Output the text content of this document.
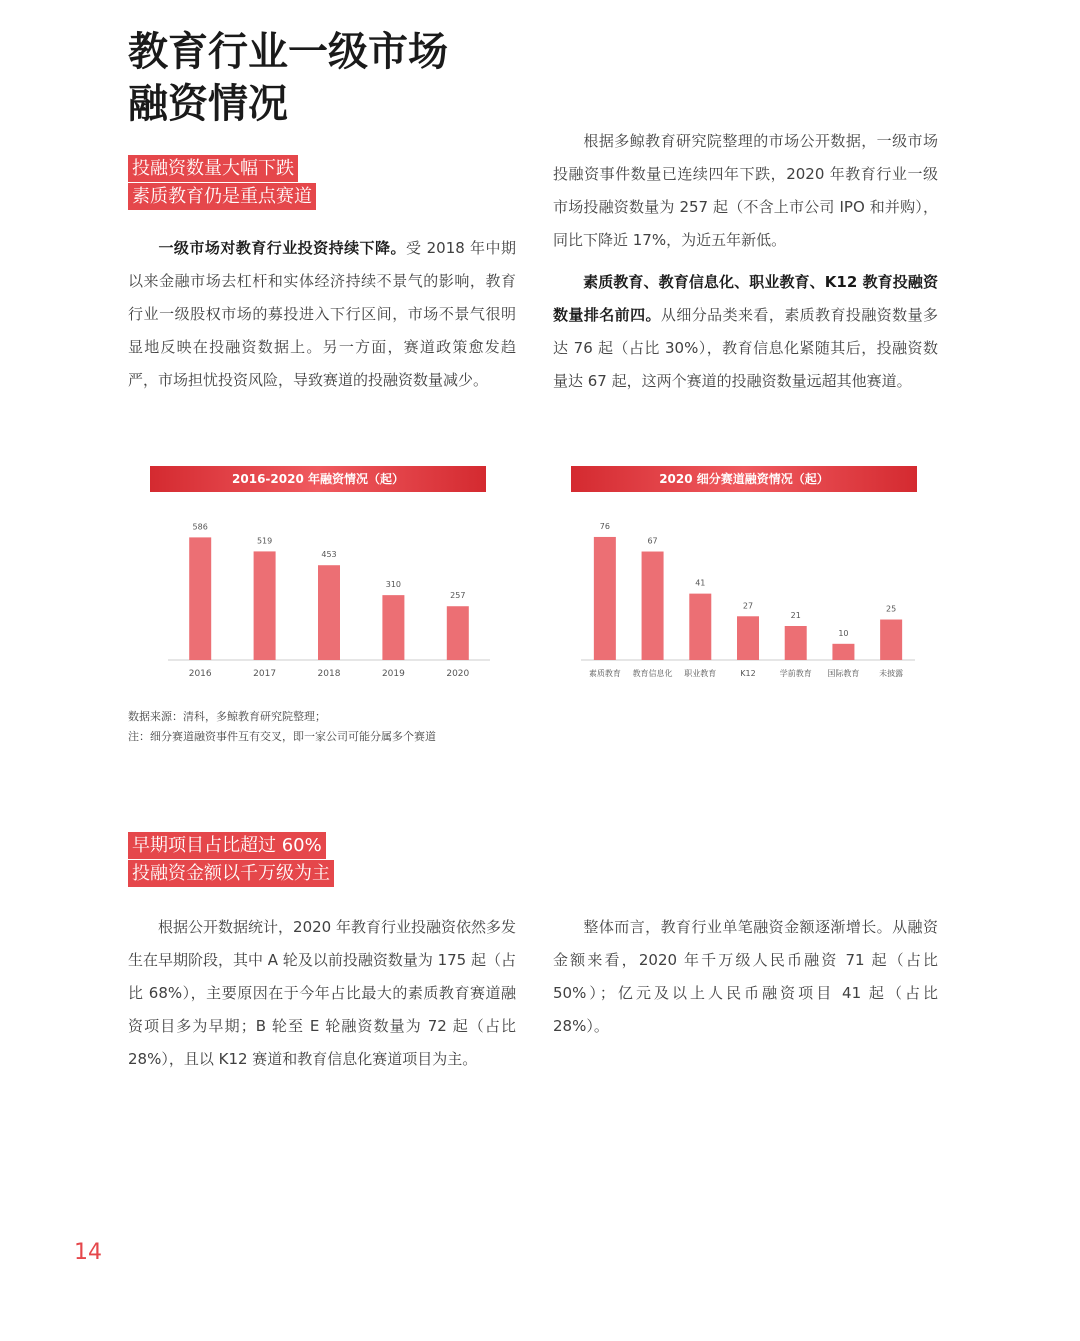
教育行业一级市场
融资情况
投融资数量大幅下跌
素质教育仍是重点赛道

一级市场对教育行业投资持续下降。受 2018 年中期以来金融市场去杠杆和实体经济持续不景气的影响，教育行业一级股权市场的募投进入下行区间，市场不景气很明显地反映在投融资数据上。另一方面，赛道政策愈发趋严，市场担忧投资风险，导致赛道的投融资数量减少。

根据多鲸教育研究院整理的市场公开数据，一级市场投融资事件数量已连续四年下跌，2020 年教育行业一级市场投融资数量为 257 起（不含上市公司 IPO 和并购），同比下降近 17%，为近五年新低。

素质教育、教育信息化、职业教育、K12 教育投融资数量排名前四。从细分品类来看，素质教育投融资数量多达 76 起（占比 30%），教育信息化紧随其后，投融资数量达 67 起，这两个赛道的投融资数量远超其他赛道。

2016-2020 年融资情况（起）
586
2016
519
2017
453
2018
310
2019
257
2020
2020 细分赛道融资情况（起）
76
素质教育
67
教育信息化
41
职业教育
27
K12
21
学前教育
10
国际教育
25
未披露
数据来源：清科，多鲸教育研究院整理；
注：细分赛道融资事件互有交叉，即一家公司可能分属多个赛道
早期项目占比超过 60%
投融资金额以千万级为主

根据公开数据统计，2020 年教育行业投融资依然多发生在早期阶段，其中 A 轮及以前投融资数量为 175 起（占比 68%），主要原因在于今年占比最大的素质教育赛道融资项目多为早期；B 轮至 E 轮融资数量为 72 起（占比 28%），且以 K12 赛道和教育信息化赛道项目为主。

整体而言，教育行业单笔融资金额逐渐增长。从融资金额来看，2020 年千万级人民币融资 71 起（占比 50%）；亿元及以上人民币融资项目 41 起（占比 28%）。

14
